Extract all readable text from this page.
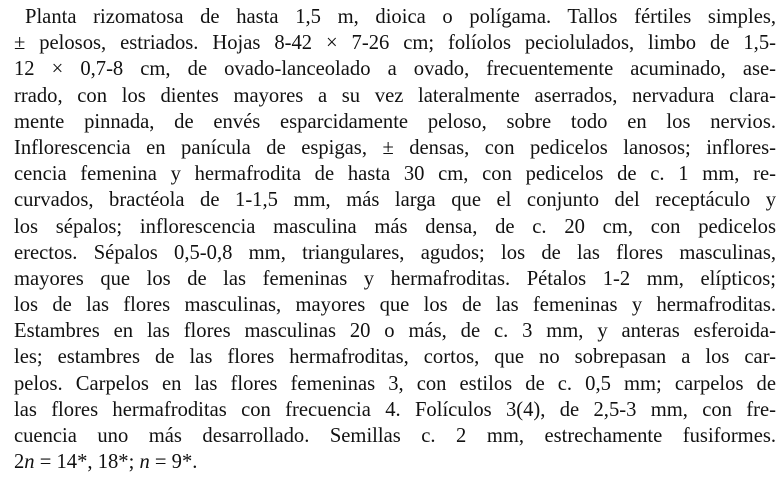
Planta rizomatosa de hasta 1,5 m, dioica o polígama. Tallos fértiles simples,
± pelosos, estriados. Hojas 8-42 × 7-26 cm; folíolos peciolulados, limbo de 1,5-
12 × 0,7-8 cm, de ovado-lanceolado a ovado, frecuentemente acuminado, ase-
rrado, con los dientes mayores a su vez lateralmente aserrados, nervadura clara-
mente pinnada, de envés esparcidamente peloso, sobre todo en los nervios.
Inflorescencia en panícula de espigas, ± densas, con pedicelos lanosos; inflores-
cencia femenina y hermafrodita de hasta 30 cm, con pedicelos de c. 1 mm, re-
curvados, bractéola de 1-1,5 mm, más larga que el conjunto del receptáculo y
los sépalos; inflorescencia masculina más densa, de c. 20 cm, con pedicelos
erectos. Sépalos 0,5-0,8 mm, triangulares, agudos; los de las flores masculinas,
mayores que los de las femeninas y hermafroditas. Pétalos 1-2 mm, elípticos;
los de las flores masculinas, mayores que los de las femeninas y hermafroditas.
Estambres en las flores masculinas 20 o más, de c. 3 mm, y anteras esferoida-
les; estambres de las flores hermafroditas, cortos, que no sobrepasan a los car-
pelos. Carpelos en las flores femeninas 3, con estilos de c. 0,5 mm; carpelos de
las flores hermafroditas con frecuencia 4. Folículos 3(4), de 2,5-3 mm, con fre-
cuencia uno más desarrollado. Semillas c. 2 mm, estrechamente fusiformes.
2n = 14*, 18*; n = 9*.
